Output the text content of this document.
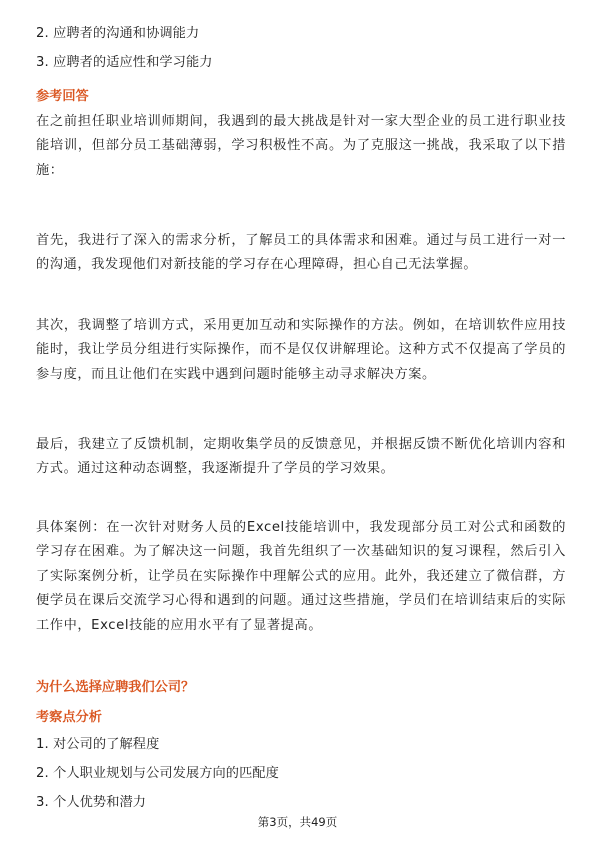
2. 应聘者的沟通和协调能力
3. 应聘者的适应性和学习能力
参考回答

在之前担任职业培训师期间，我遇到的最大挑战是针对一家大型企业的员工进行职业技能培训，但部分员工基础薄弱，学习积极性不高。为了克服这一挑战，我采取了以下措施：

首先，我进行了深入的需求分析，了解员工的具体需求和困难。通过与员工进行一对一的沟通，我发现他们对新技能的学习存在心理障碍，担心自己无法掌握。

其次，我调整了培训方式，采用更加互动和实际操作的方法。例如，在培训软件应用技能时，我让学员分组进行实际操作，而不是仅仅讲解理论。这种方式不仅提高了学员的参与度，而且让他们在实践中遇到问题时能够主动寻求解决方案。

最后，我建立了反馈机制，定期收集学员的反馈意见，并根据反馈不断优化培训内容和方式。通过这种动态调整，我逐渐提升了学员的学习效果。

具体案例：在一次针对财务人员的Excel技能培训中，我发现部分员工对公式和函数的学习存在困难。为了解决这一问题，我首先组织了一次基础知识的复习课程，然后引入了实际案例分析，让学员在实际操作中理解公式的应用。此外，我还建立了微信群，方便学员在课后交流学习心得和遇到的问题。通过这些措施，学员们在培训结束后的实际工作中，Excel技能的应用水平有了显著提高。

为什么选择应聘我们公司？
考察点分析
1. 对公司的了解程度
2. 个人职业规划与公司发展方向的匹配度
3. 个人优势和潜力
第3页，共49页
